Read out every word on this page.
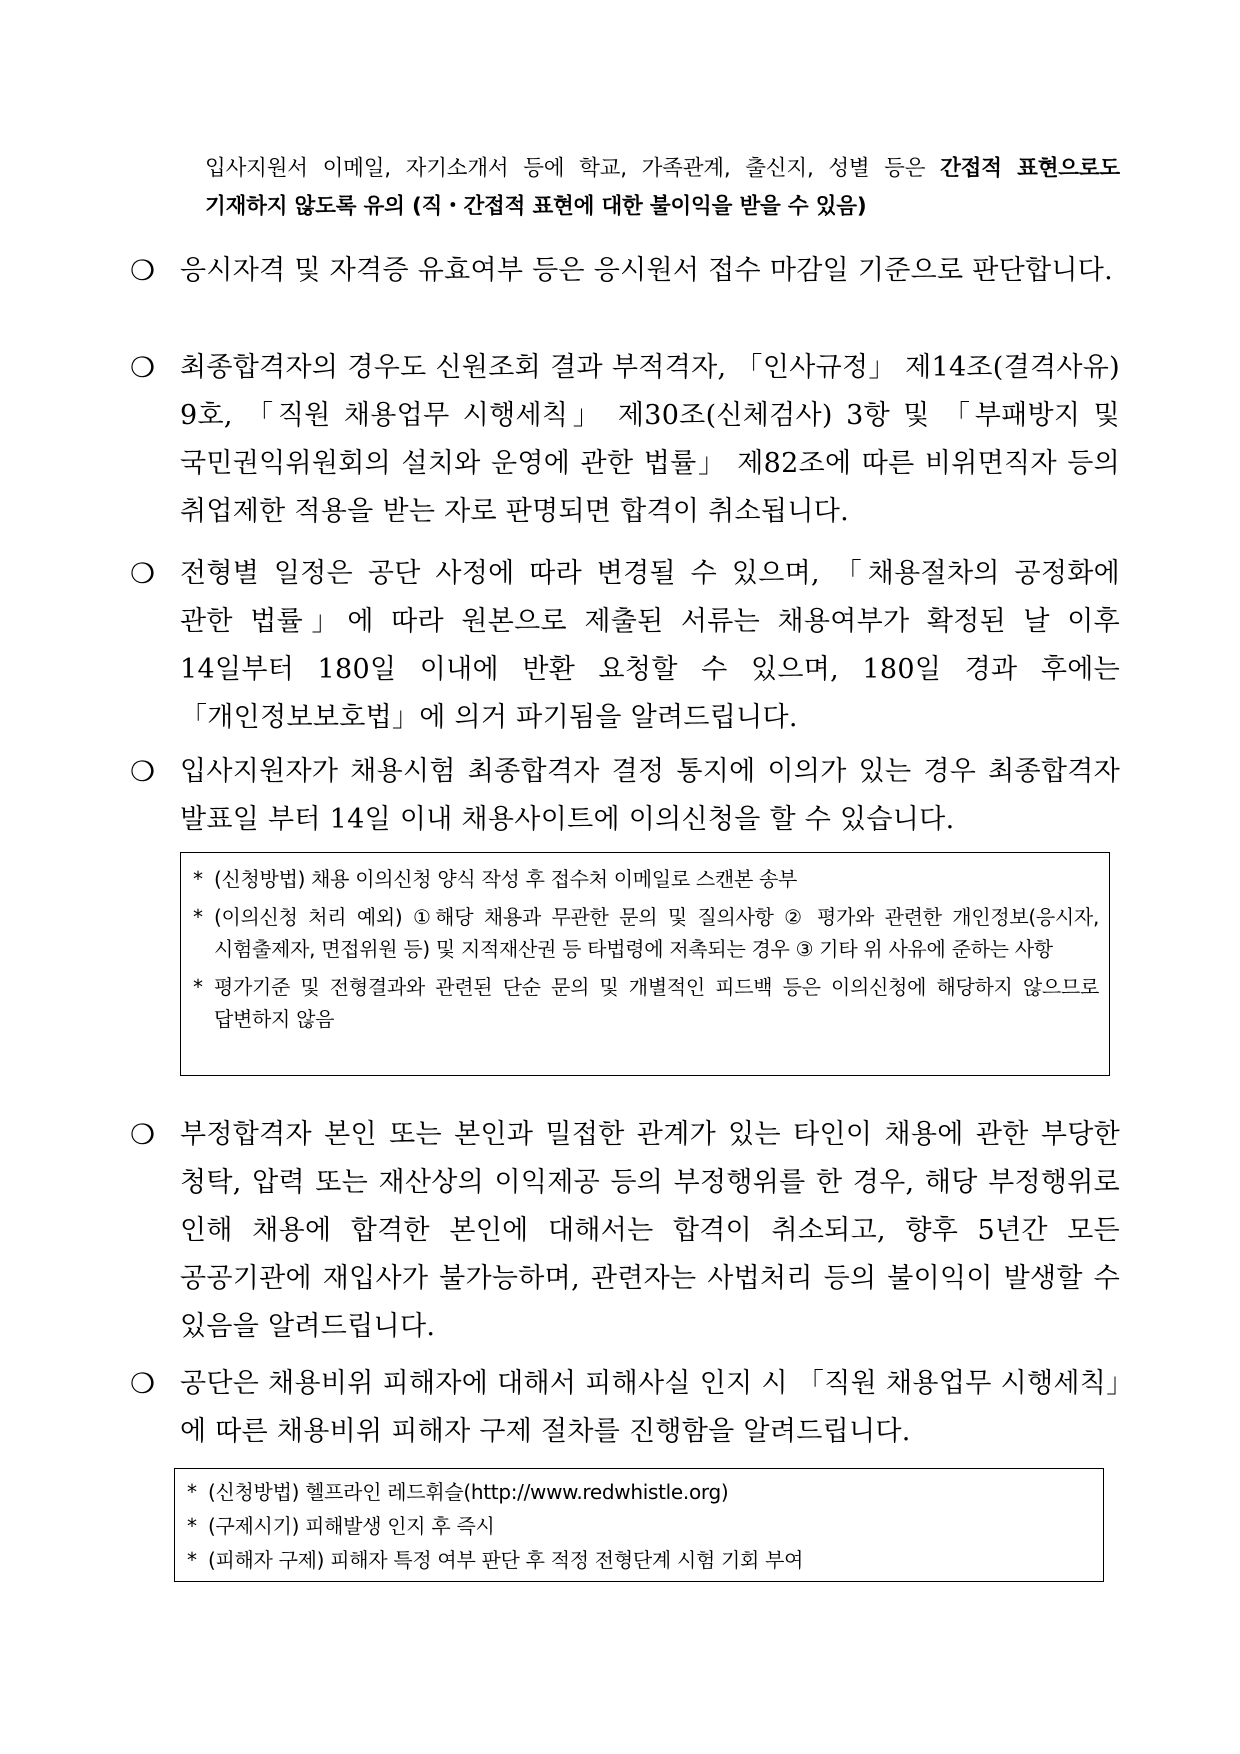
입사지원서 이메일, 자기소개서 등에 학교, 가족관계, 출신지, 성별 등은 간접적 표현으로도 기재하지 않도록 유의 (직・간접적 표현에 대한 불이익을 받을 수 있음)
❍ 응시자격 및 자격증 유효여부 등은 응시원서 접수 마감일 기준으로 판단합니다.
❍ 최종합격자의 경우도 신원조회 결과 부적격자, 「인사규정」 제14조(결격사유) 9호, 「직원 채용업무 시행세칙」 제30조(신체검사) 3항 및 「부패방지 및 국민권익위원회의 설치와 운영에 관한 법률」 제82조에 따른 비위면직자 등의 취업제한 적용을 받는 자로 판명되면 합격이 취소됩니다.
❍ 전형별 일정은 공단 사정에 따라 변경될 수 있으며, 「채용절차의 공정화에 관한 법률」에 따라 원본으로 제출된 서류는 채용여부가 확정된 날 이후 14일부터 180일 이내에 반환 요청할 수 있으며, 180일 경과 후에는 「개인정보보호법」에 의거 파기됨을 알려드립니다.
❍ 입사지원자가 채용시험 최종합격자 결정 통지에 이의가 있는 경우 최종합격자 발표일 부터 14일 이내 채용사이트에 이의신청을 할 수 있습니다.
* (신청방법) 채용 이의신청 양식 작성 후 접수처 이메일로 스캔본 송부
* (이의신청 처리 예외) ①해당 채용과 무관한 문의 및 질의사항 ② 평가와 관련한 개인정보(응시자, 시험출제자, 면접위원 등) 및 지적재산권 등 타법령에 저촉되는 경우 ③ 기타 위 사유에 준하는 사항
* 평가기준 및 전형결과와 관련된 단순 문의 및 개별적인 피드백 등은 이의신청에 해당하지 않으므로 답변하지 않음
❍ 부정합격자 본인 또는 본인과 밀접한 관계가 있는 타인이 채용에 관한 부당한 청탁, 압력 또는 재산상의 이익제공 등의 부정행위를 한 경우, 해당 부정행위로 인해 채용에 합격한 본인에 대해서는 합격이 취소되고, 향후 5년간 모든 공공기관에 재입사가 불가능하며, 관련자는 사법처리 등의 불이익이 발생할 수 있음을 알려드립니다.
❍ 공단은 채용비위 피해자에 대해서 피해사실 인지 시 「직원 채용업무 시행세칙」에 따른 채용비위 피해자 구제 절차를 진행함을 알려드립니다.
* (신청방법) 헬프라인 레드휘슬(http://www.redwhistle.org)
* (구제시기) 피해발생 인지 후 즉시
* (피해자 구제) 피해자 특정 여부 판단 후 적정 전형단계 시험 기회 부여
